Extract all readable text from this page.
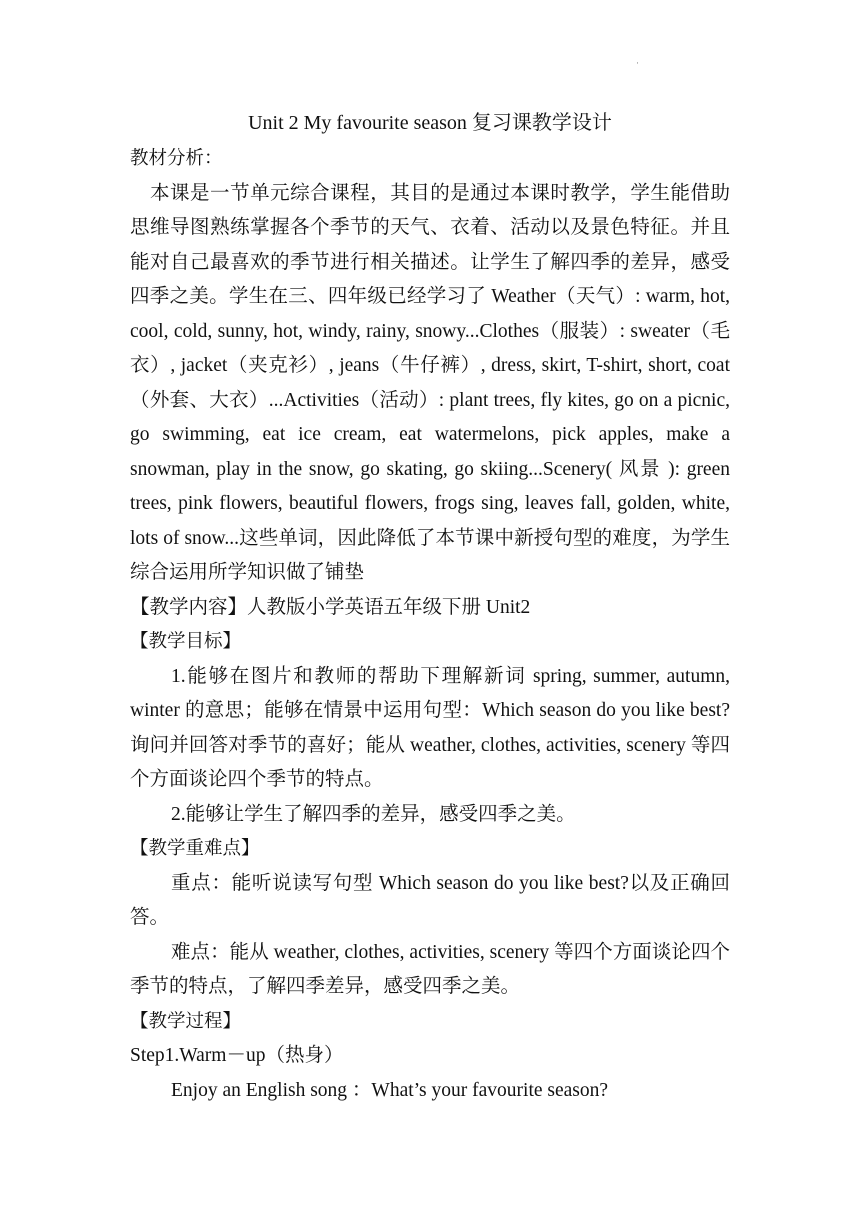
·
Unit 2 My favourite season 复习课教学设计

教材分析：

本课是一节单元综合课程，其目的是通过本课时教学，学生能借助思维导图熟练掌握各个季节的天气、衣着、活动以及景色特征。并且能对自己最喜欢的季节进行相关描述。让学生了解四季的差异，感受四季之美。学生在三、四年级已经学习了 Weather（天气）: warm, hot, cool, cold, sunny, hot, windy, rainy, snowy...Clothes（服装）: sweater（毛衣）, jacket（夹克衫）, jeans（牛仔裤）, dress, skirt, T-shirt, short, coat（外套、大衣）...Activities（活动）: plant trees, fly kites, go on a picnic, go swimming, eat ice cream, eat watermelons, pick apples, make a snowman, play in the snow, go skating, go skiing...Scenery( 风景 ): green trees, pink flowers, beautiful flowers, frogs sing, leaves fall, golden, white, lots of snow...这些单词，因此降低了本节课中新授句型的难度，为学生综合运用所学知识做了铺垫

【教学内容】人教版小学英语五年级下册 Unit2

【教学目标】

1.能够在图片和教师的帮助下理解新词 spring, summer, autumn, winter 的意思；能够在情景中运用句型：Which season do you like best? 询问并回答对季节的喜好；能从 weather, clothes, activities, scenery 等四个方面谈论四个季节的特点。

2.能够让学生了解四季的差异，感受四季之美。

【教学重难点】

重点：能听说读写句型 Which season do you like best?以及正确回答。

难点：能从 weather, clothes, activities, scenery 等四个方面谈论四个季节的特点，了解四季差异，感受四季之美。

【教学过程】

Step1.Warm－up（热身）

Enjoy an English song ：What’s your favourite season?
